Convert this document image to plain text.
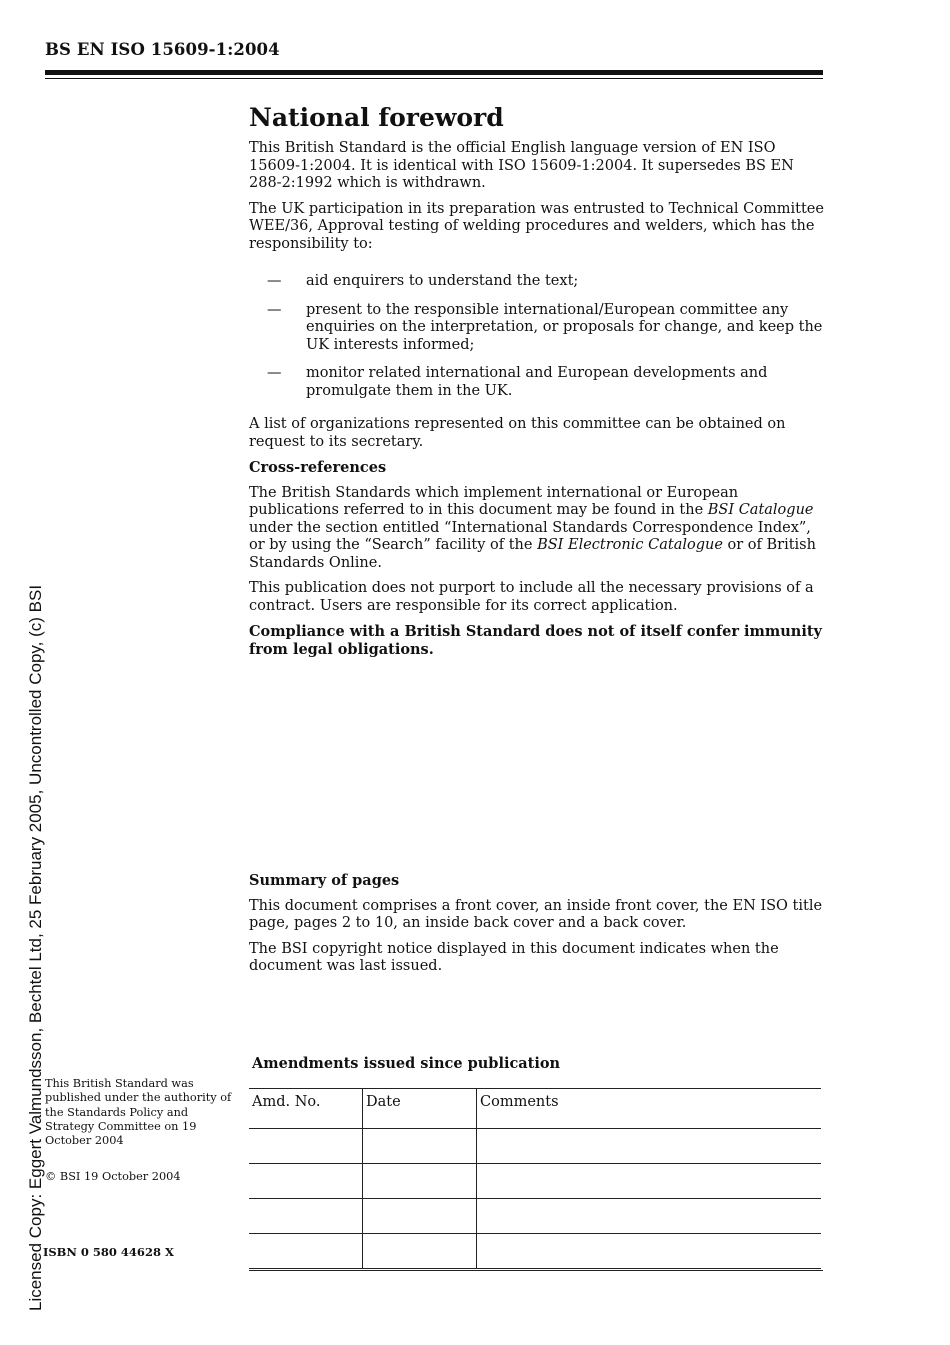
BS EN ISO 15609-1:2004
Licensed Copy: Eggert Valmundsson, Bechtel Ltd, 25 February 2005, Uncontrolled Copy, (c) BSI
National foreword

This British Standard is the official English language version of EN ISO 15609-1:2004. It is identical with ISO 15609-1:2004. It supersedes BS EN 288-2:1992 which is withdrawn.

The UK participation in its preparation was entrusted to Technical Committee WEE/36, Approval testing of welding procedures and welders, which has the responsibility to:

— aid enquirers to understand the text;
— present to the responsible international/European committee any enquiries on the interpretation, or proposals for change, and keep the UK interests informed;
— monitor related international and European developments and promulgate them in the UK.

A list of organizations represented on this committee can be obtained on request to its secretary.

Cross-references

The British Standards which implement international or European publications referred to in this document may be found in the BSI Catalogue under the section entitled “International Standards Correspondence Index”, or by using the “Search” facility of the BSI Electronic Catalogue or of British Standards Online.

This publication does not purport to include all the necessary provisions of a contract. Users are responsible for its correct application.

Compliance with a British Standard does not of itself confer immunity from legal obligations.

Summary of pages

This document comprises a front cover, an inside front cover, the EN ISO title page, pages 2 to 10, an inside back cover and a back cover.

The BSI copyright notice displayed in this document indicates when the document was last issued.

Amendments issued since publication
Amd. No.	Date	Comments

This British Standard was published under the authority of the Standards Policy and Strategy Committee on 19 October 2004

© BSI 19 October 2004

ISBN 0 580 44628 X
